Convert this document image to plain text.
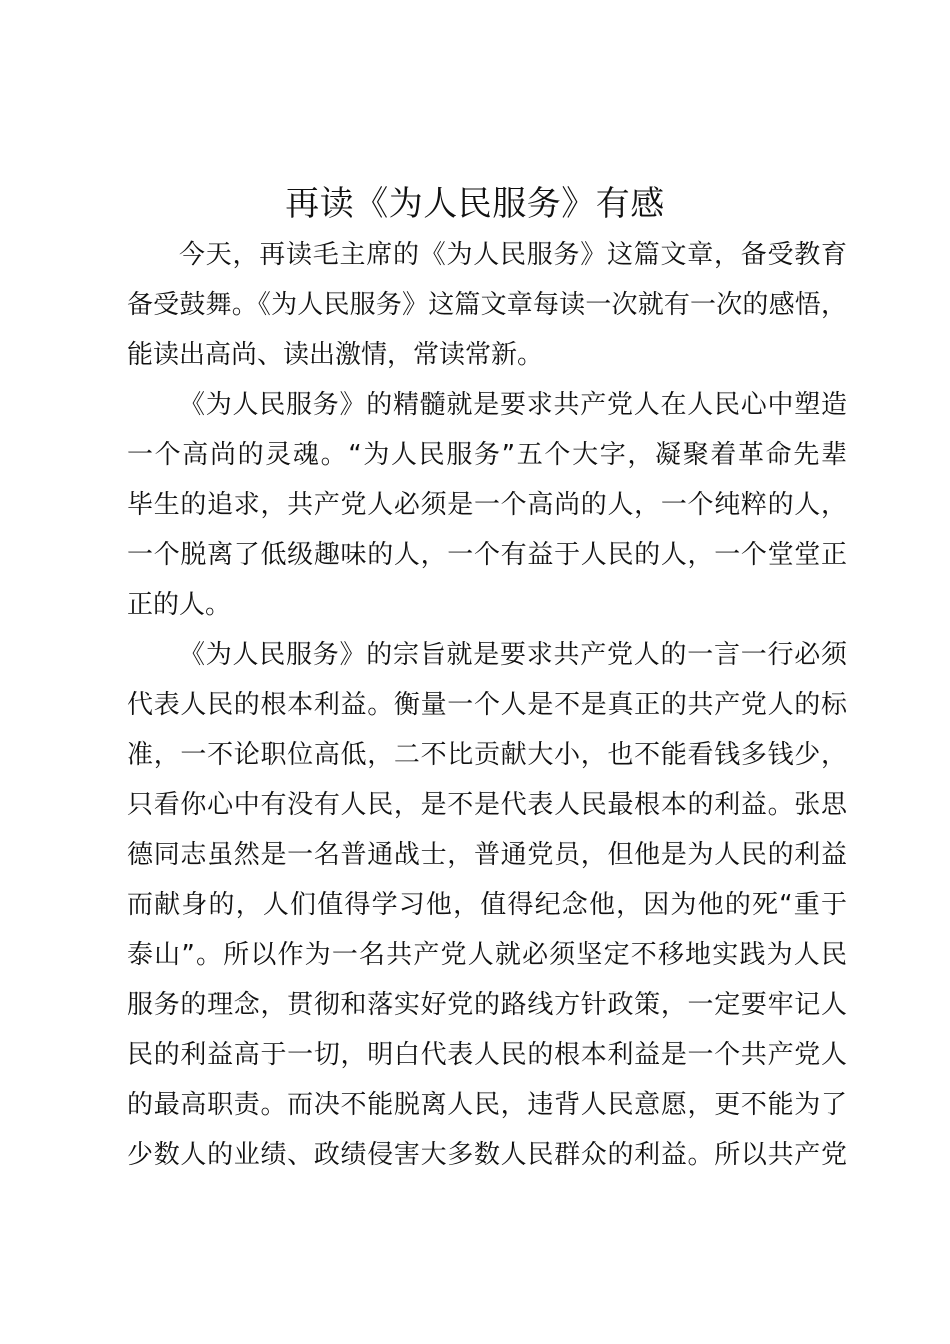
再读《为人民服务》有感
今天，再读毛主席的《为人民服务》这篇文章，备受教育
备受鼓舞。《为人民服务》这篇文章每读一次就有一次的感悟，
能读出高尚、读出激情，常读常新。
《为人民服务》的精髓就是要求共产党人在人民心中塑造
一个高尚的灵魂。“为人民服务”五个大字，凝聚着革命先辈
毕生的追求，共产党人必须是一个高尚的人，一个纯粹的人，
一个脱离了低级趣味的人，一个有益于人民的人，一个堂堂正
正的人。
《为人民服务》的宗旨就是要求共产党人的一言一行必须
代表人民的根本利益。衡量一个人是不是真正的共产党人的标
准，一不论职位高低，二不比贡献大小，也不能看钱多钱少，
只看你心中有没有人民，是不是代表人民最根本的利益。张思
德同志虽然是一名普通战士，普通党员，但他是为人民的利益
而献身的，人们值得学习他，值得纪念他，因为他的死“重于
泰山”。所以作为一名共产党人就必须坚定不移地实践为人民
服务的理念，贯彻和落实好党的路线方针政策，一定要牢记人
民的利益高于一切，明白代表人民的根本利益是一个共产党人
的最高职责。而决不能脱离人民，违背人民意愿，更不能为了
少数人的业绩、政绩侵害大多数人民群众的利益。所以共产党
